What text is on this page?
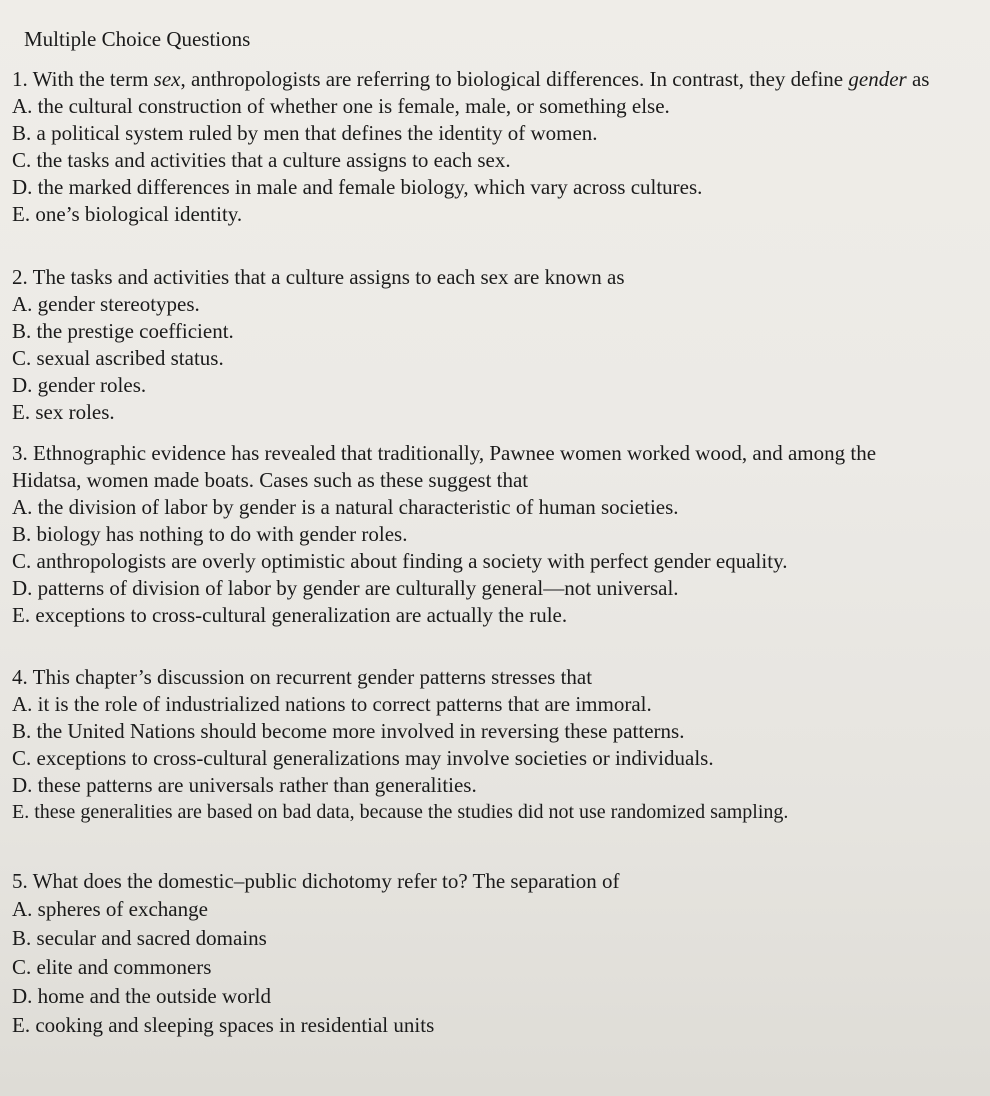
Multiple Choice Questions

1. With the term sex, anthropologists are referring to biological differences. In contrast, they define gender as

A. the cultural construction of whether one is female, male, or something else.
B. a political system ruled by men that defines the identity of women.
C. the tasks and activities that a culture assigns to each sex.
D. the marked differences in male and female biology, which vary across cultures.
E. one’s biological identity.

2. The tasks and activities that a culture assigns to each sex are known as

A. gender stereotypes.
B. the prestige coefficient.
C. sexual ascribed status.
D. gender roles.
E. sex roles.

3. Ethnographic evidence has revealed that traditionally, Pawnee women worked wood, and among the Hidatsa, women made boats. Cases such as these suggest that

A. the division of labor by gender is a natural characteristic of human societies.
B. biology has nothing to do with gender roles.
C. anthropologists are overly optimistic about finding a society with perfect gender equality.
D. patterns of division of labor by gender are culturally general—not universal.
E. exceptions to cross-cultural generalization are actually the rule.

4. This chapter’s discussion on recurrent gender patterns stresses that

A. it is the role of industrialized nations to correct patterns that are immoral.
B. the United Nations should become more involved in reversing these patterns.
C. exceptions to cross-cultural generalizations may involve societies or individuals.
D. these patterns are universals rather than generalities.
E. these generalities are based on bad data, because the studies did not use randomized sampling.

5. What does the domestic–public dichotomy refer to? The separation of

A. spheres of exchange
B. secular and sacred domains
C. elite and commoners
D. home and the outside world
E. cooking and sleeping spaces in residential units
